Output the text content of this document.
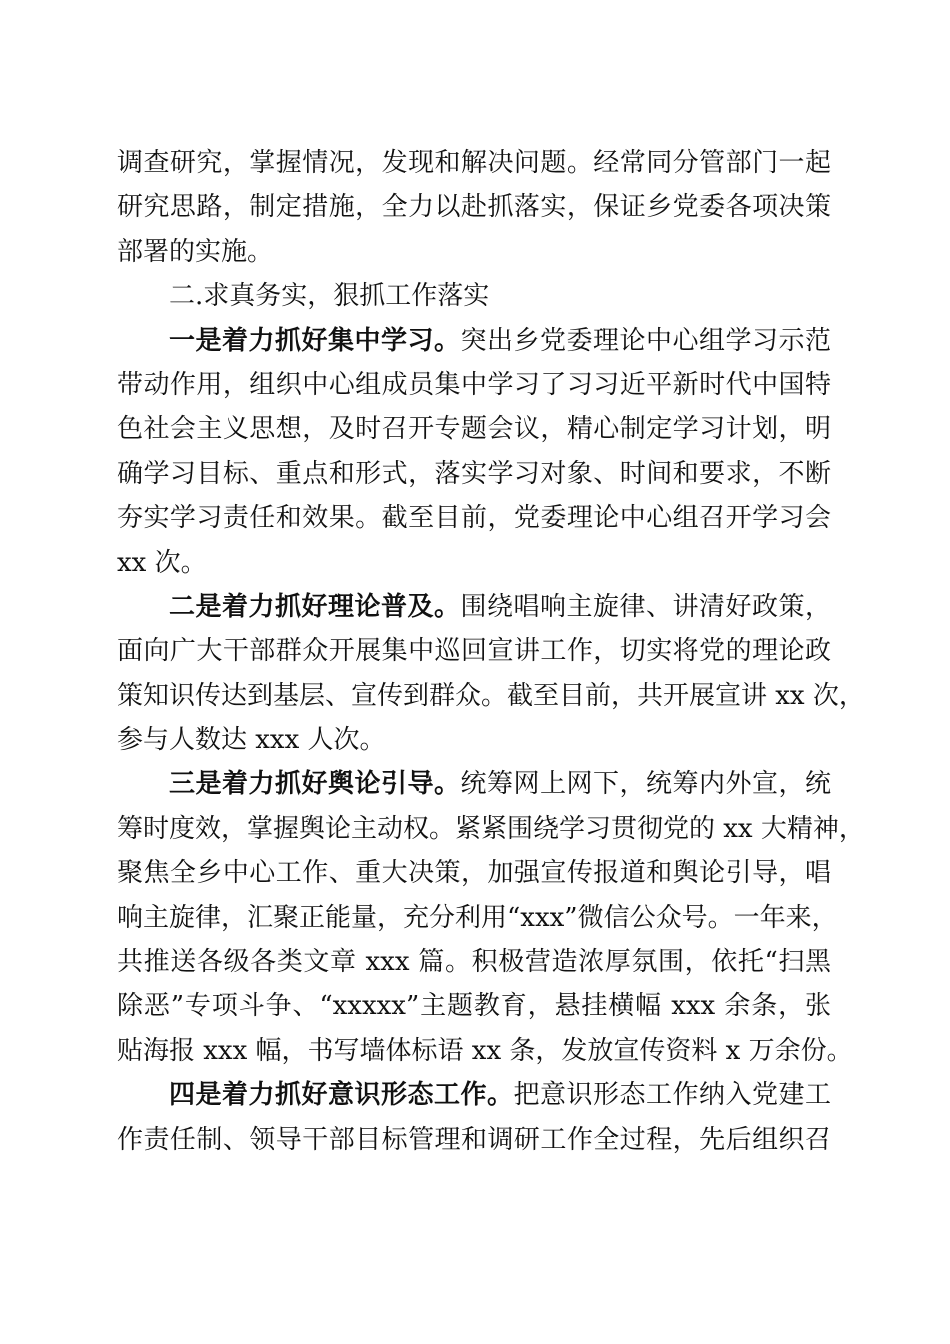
调查研究，掌握情况，发现和解决问题。经常同分管部门一起
研究思路，制定措施，全力以赴抓落实，保证乡党委各项决策
部署的实施。
二.求真务实，狠抓工作落实
一是着力抓好集中学习。突出乡党委理论中心组学习示范
带动作用，组织中心组成员集中学习了习习近平新时代中国特
色社会主义思想，及时召开专题会议，精心制定学习计划，明
确学习目标、重点和形式，落实学习对象、时间和要求，不断
夯实学习责任和效果。截至目前，党委理论中心组召开学习会
xx 次。
二是着力抓好理论普及。围绕唱响主旋律、讲清好政策，
面向广大干部群众开展集中巡回宣讲工作，切实将党的理论政
策知识传达到基层、宣传到群众。截至目前，共开展宣讲 xx 次，
参与人数达 xxx 人次。
三是着力抓好舆论引导。统筹网上网下，统筹内外宣，统
筹时度效，掌握舆论主动权。紧紧围绕学习贯彻党的 xx 大精神，
聚焦全乡中心工作、重大决策，加强宣传报道和舆论引导，唱
响主旋律，汇聚正能量，充分利用“xxx”微信公众号。一年来，
共推送各级各类文章 xxx 篇。积极营造浓厚氛围，依托“扫黑
除恶”专项斗争、“xxxxx”主题教育，悬挂横幅 xxx 余条，张
贴海报 xxx 幅，书写墙体标语 xx 条，发放宣传资料 x 万余份。
四是着力抓好意识形态工作。把意识形态工作纳入党建工
作责任制、领导干部目标管理和调研工作全过程，先后组织召
